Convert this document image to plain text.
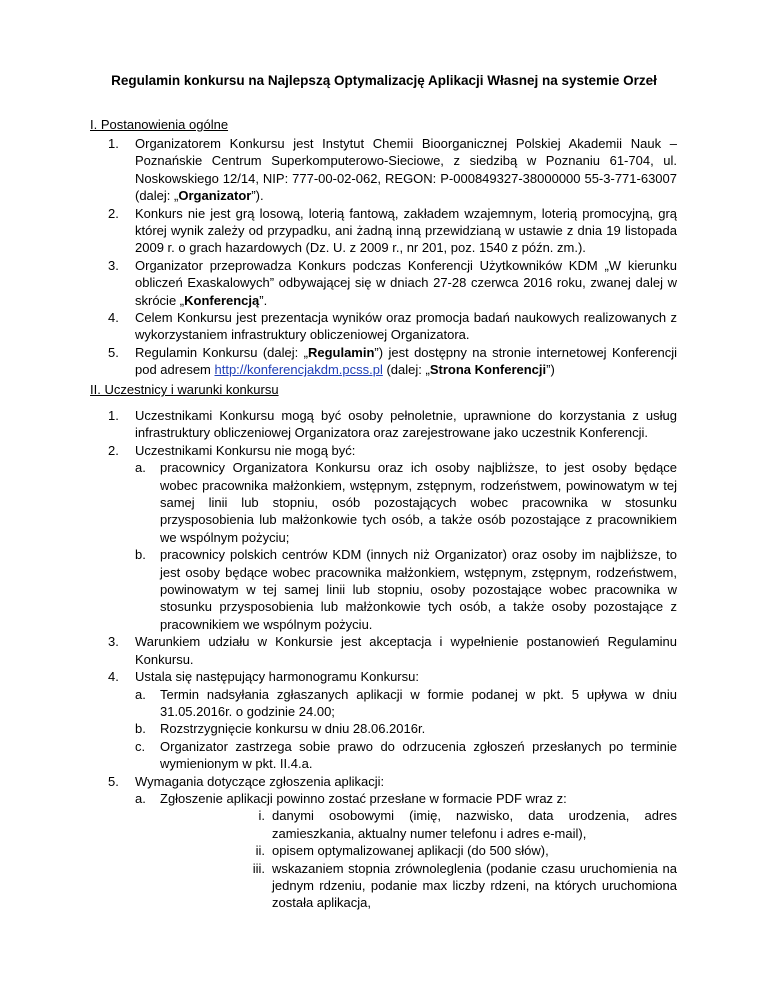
Regulamin konkursu na Najlepszą Optymalizację Aplikacji Własnej na systemie Orzeł
I. Postanowienia ogólne
1. Organizatorem Konkursu jest Instytut Chemii Bioorganicznej Polskiej Akademii Nauk – Poznańskie Centrum Superkomputerowo-Sieciowe, z siedzibą w Poznaniu 61-704, ul. Noskowskiego 12/14, NIP: 777-00-02-062, REGON: P-000849327-38000000 55-3-771-63007 (dalej: „Organizator”).
2. Konkurs nie jest grą losową, loterią fantową, zakładem wzajemnym, loterią promocyjną, grą której wynik zależy od przypadku, ani żadną inną przewidzianą w ustawie z dnia 19 listopada 2009 r. o grach hazardowych (Dz. U. z 2009 r., nr 201, poz. 1540 z późn. zm.).
3. Organizator przeprowadza Konkurs podczas Konferencji Użytkowników KDM „W kierunku obliczeń Exaskalowych” odbywającej się w dniach 27-28 czerwca 2016 roku, zwanej dalej w skrócie „Konferencją”.
4. Celem Konkursu jest prezentacja wyników oraz promocja badań naukowych realizowanych z wykorzystaniem infrastruktury obliczeniowej Organizatora.
5. Regulamin Konkursu (dalej: „Regulamin”) jest dostępny na stronie internetowej Konferencji pod adresem http://konferencjakdm.pcss.pl (dalej: „Strona Konferencji”)
II. Uczestnicy i warunki konkursu
1. Uczestnikami Konkursu mogą być osoby pełnoletnie, uprawnione do korzystania z usług infrastruktury obliczeniowej Organizatora oraz zarejestrowane jako uczestnik Konferencji.
2. Uczestnikami Konkursu nie mogą być:
a. pracownicy Organizatora Konkursu oraz ich osoby najbliższe, to jest osoby będące wobec pracownika małżonkiem, wstępnym, zstępnym, rodzeństwem, powinowatym w tej samej linii lub stopniu, osób pozostających wobec pracownika w stosunku przysposobienia lub małżonkowie tych osób, a także osób pozostające z pracownikiem we wspólnym pożyciu;
b. pracownicy polskich centrów KDM (innych niż Organizator) oraz osoby im najbliższe, to jest osoby będące wobec pracownika małżonkiem, wstępnym, zstępnym, rodzeństwem, powinowatym w tej samej linii lub stopniu, osoby pozostające wobec pracownika w stosunku przysposobienia lub małżonkowie tych osób, a także osoby pozostające z pracownikiem we wspólnym pożyciu.
3. Warunkiem udziału w Konkursie jest akceptacja i wypełnienie postanowień Regulaminu Konkursu.
4. Ustala się następujący harmonogramu Konkursu:
a. Termin nadsyłania zgłaszanych aplikacji w formie podanej w pkt. 5 upływa w dniu 31.05.2016r. o godzinie 24.00;
b. Rozstrzygnięcie konkursu w dniu 28.06.2016r.
c. Organizator zastrzega sobie prawo do odrzucenia zgłoszeń przesłanych po terminie wymienionym w pkt. II.4.a.
5. Wymagania dotyczące zgłoszenia aplikacji:
a. Zgłoszenie aplikacji powinno zostać przesłane w formacie PDF wraz z:
i. danymi osobowymi (imię, nazwisko, data urodzenia, adres zamieszkania, aktualny numer telefonu i adres e-mail),
ii. opisem optymalizowanej aplikacji (do 500 słów),
iii. wskazaniem stopnia zrównoleglenia (podanie czasu uruchomienia na jednym rdzeniu, podanie max liczby rdzeni, na których uruchomiona została aplikacja,
